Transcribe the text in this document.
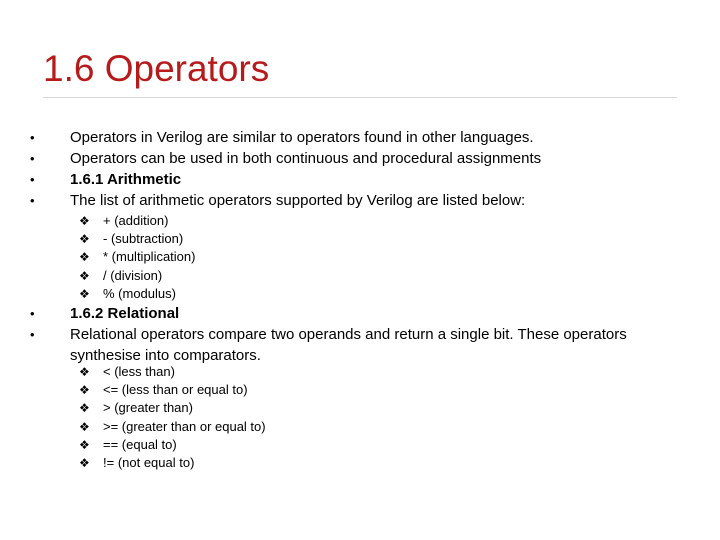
1.6 Operators
•	Operators in Verilog are similar to operators found in other languages.
•	Operators can be used in both continuous and procedural assignments
•	1.6.1 Arithmetic
•	The list of arithmetic operators supported by Verilog are listed below:
❖ + (addition)
❖ - (subtraction)
❖ * (multiplication)
❖ / (division)
❖ % (modulus)
•	1.6.2 Relational
•	Relational operators compare two operands and return a single bit. These operators synthesise into comparators.
❖ < (less than)
❖ <= (less than or equal to)
❖ > (greater than)
❖ >= (greater than or equal to)
❖ == (equal to)
❖ != (not equal to)
